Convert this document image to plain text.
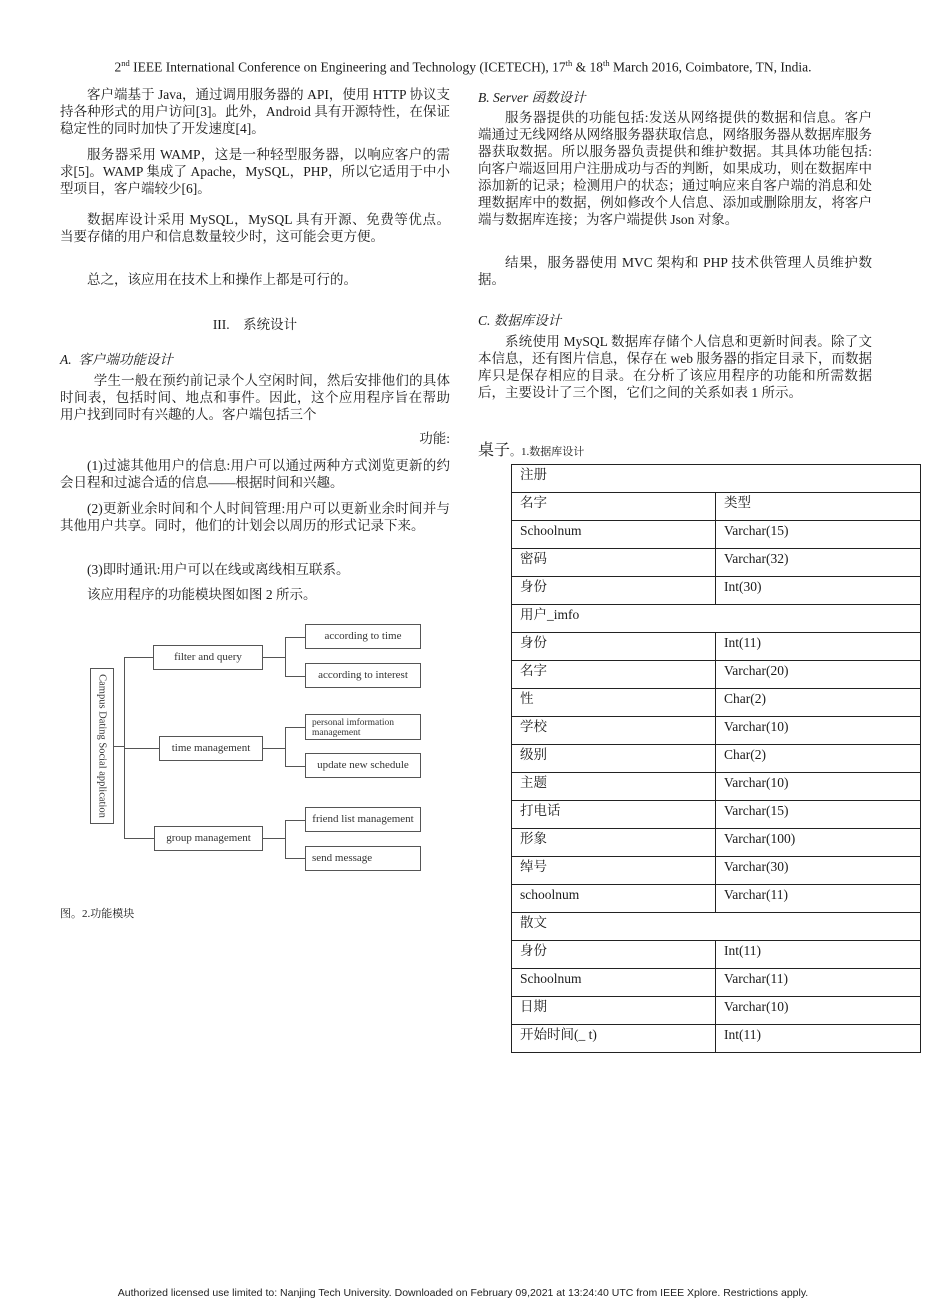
2nd IEEE International Conference on Engineering and Technology (ICETECH), 17th & 18th March 2016, Coimbatore, TN, India.
客户端基于 Java，通过调用服务器的 API，使用 HTTP 协议支持各种形式的用户访问[3]。此外，Android 具有开源特性，在保证稳定性的同时加快了开发速度[4]。
服务器采用 WAMP，这是一种轻型服务器，以响应客户的需求[5]。WAMP 集成了 Apache，MySQL，PHP，所以它适用于中小型项目，客户端较少[6]。
数据库设计采用 MySQL，MySQL 具有开源、免费等优点。当要存储的用户和信息数量较少时，这可能会更方便。
总之，该应用在技术上和操作上都是可行的。
III.    系统设计
A.  客户端功能设计
学生一般在预约前记录个人空闲时间，然后安排他们的具体时间表，包括时间、地点和事件。因此，这个应用程序旨在帮助用户找到同时有兴趣的人。客户端包括三个
功能:
(1)过滤其他用户的信息:用户可以通过两种方式浏览更新的约会日程和过滤合适的信息——根据时间和兴趣。
(2)更新业余时间和个人时间管理:用户可以更新业余时间并与其他用户共享。同时，他们的计划会以周历的形式记录下来。
(3)即时通讯:用户可以在线或离线相互联系。
该应用程序的功能模块图如图 2 所示。
Campus Dating Social application
filter and query
according to time
according to interest
time management
personal imformation management
update new schedule
group management
friend list management
send message
图。2.功能模块
B. Server 函数设计
服务器提供的功能包括:发送从网络提供的数据和信息。客户端通过无线网络从网络服务器获取信息，网络服务器从数据库服务器获取数据。所以服务器负责提供和维护数据。其具体功能包括:向客户端返回用户注册成功与否的判断，如果成功，则在数据库中添加新的记录；检测用户的状态；通过响应来自客户端的消息和处理数据库中的数据，例如修改个人信息、添加或删除朋友，将客户端与数据库连接；为客户端提供 Json 对象。
结果，服务器使用 MVC 架构和 PHP 技术供管理人员维护数据。
C. 数据库设计
系统使用 MySQL 数据库存储个人信息和更新时间表。除了文本信息，还有图片信息，保存在 web 服务器的指定目录下，而数据库只是保存相应的目录。在分析了该应用程序的功能和所需数据后，主要设计了三个图，它们之间的关系如表 1 所示。
桌子。1.数据库设计
注册	
名字	类型
Schoolnum	Varchar(15)
密码	Varchar(32)
身份	Int(30)
用户_imfo	
身份	Int(11)
名字	Varchar(20)
性	Char(2)
学校	Varchar(10)
级别	Char(2)
主题	Varchar(10)
打电话	Varchar(15)
形象	Varchar(100)
绰号	Varchar(30)
schoolnum	Varchar(11)
散文	
身份	Int(11)
Schoolnum	Varchar(11)
日期	Varchar(10)
开始时间(_ t)	Int(11)
Authorized licensed use limited to: Nanjing Tech University. Downloaded on February 09,2021 at 13:24:40 UTC from IEEE Xplore. Restrictions apply.
